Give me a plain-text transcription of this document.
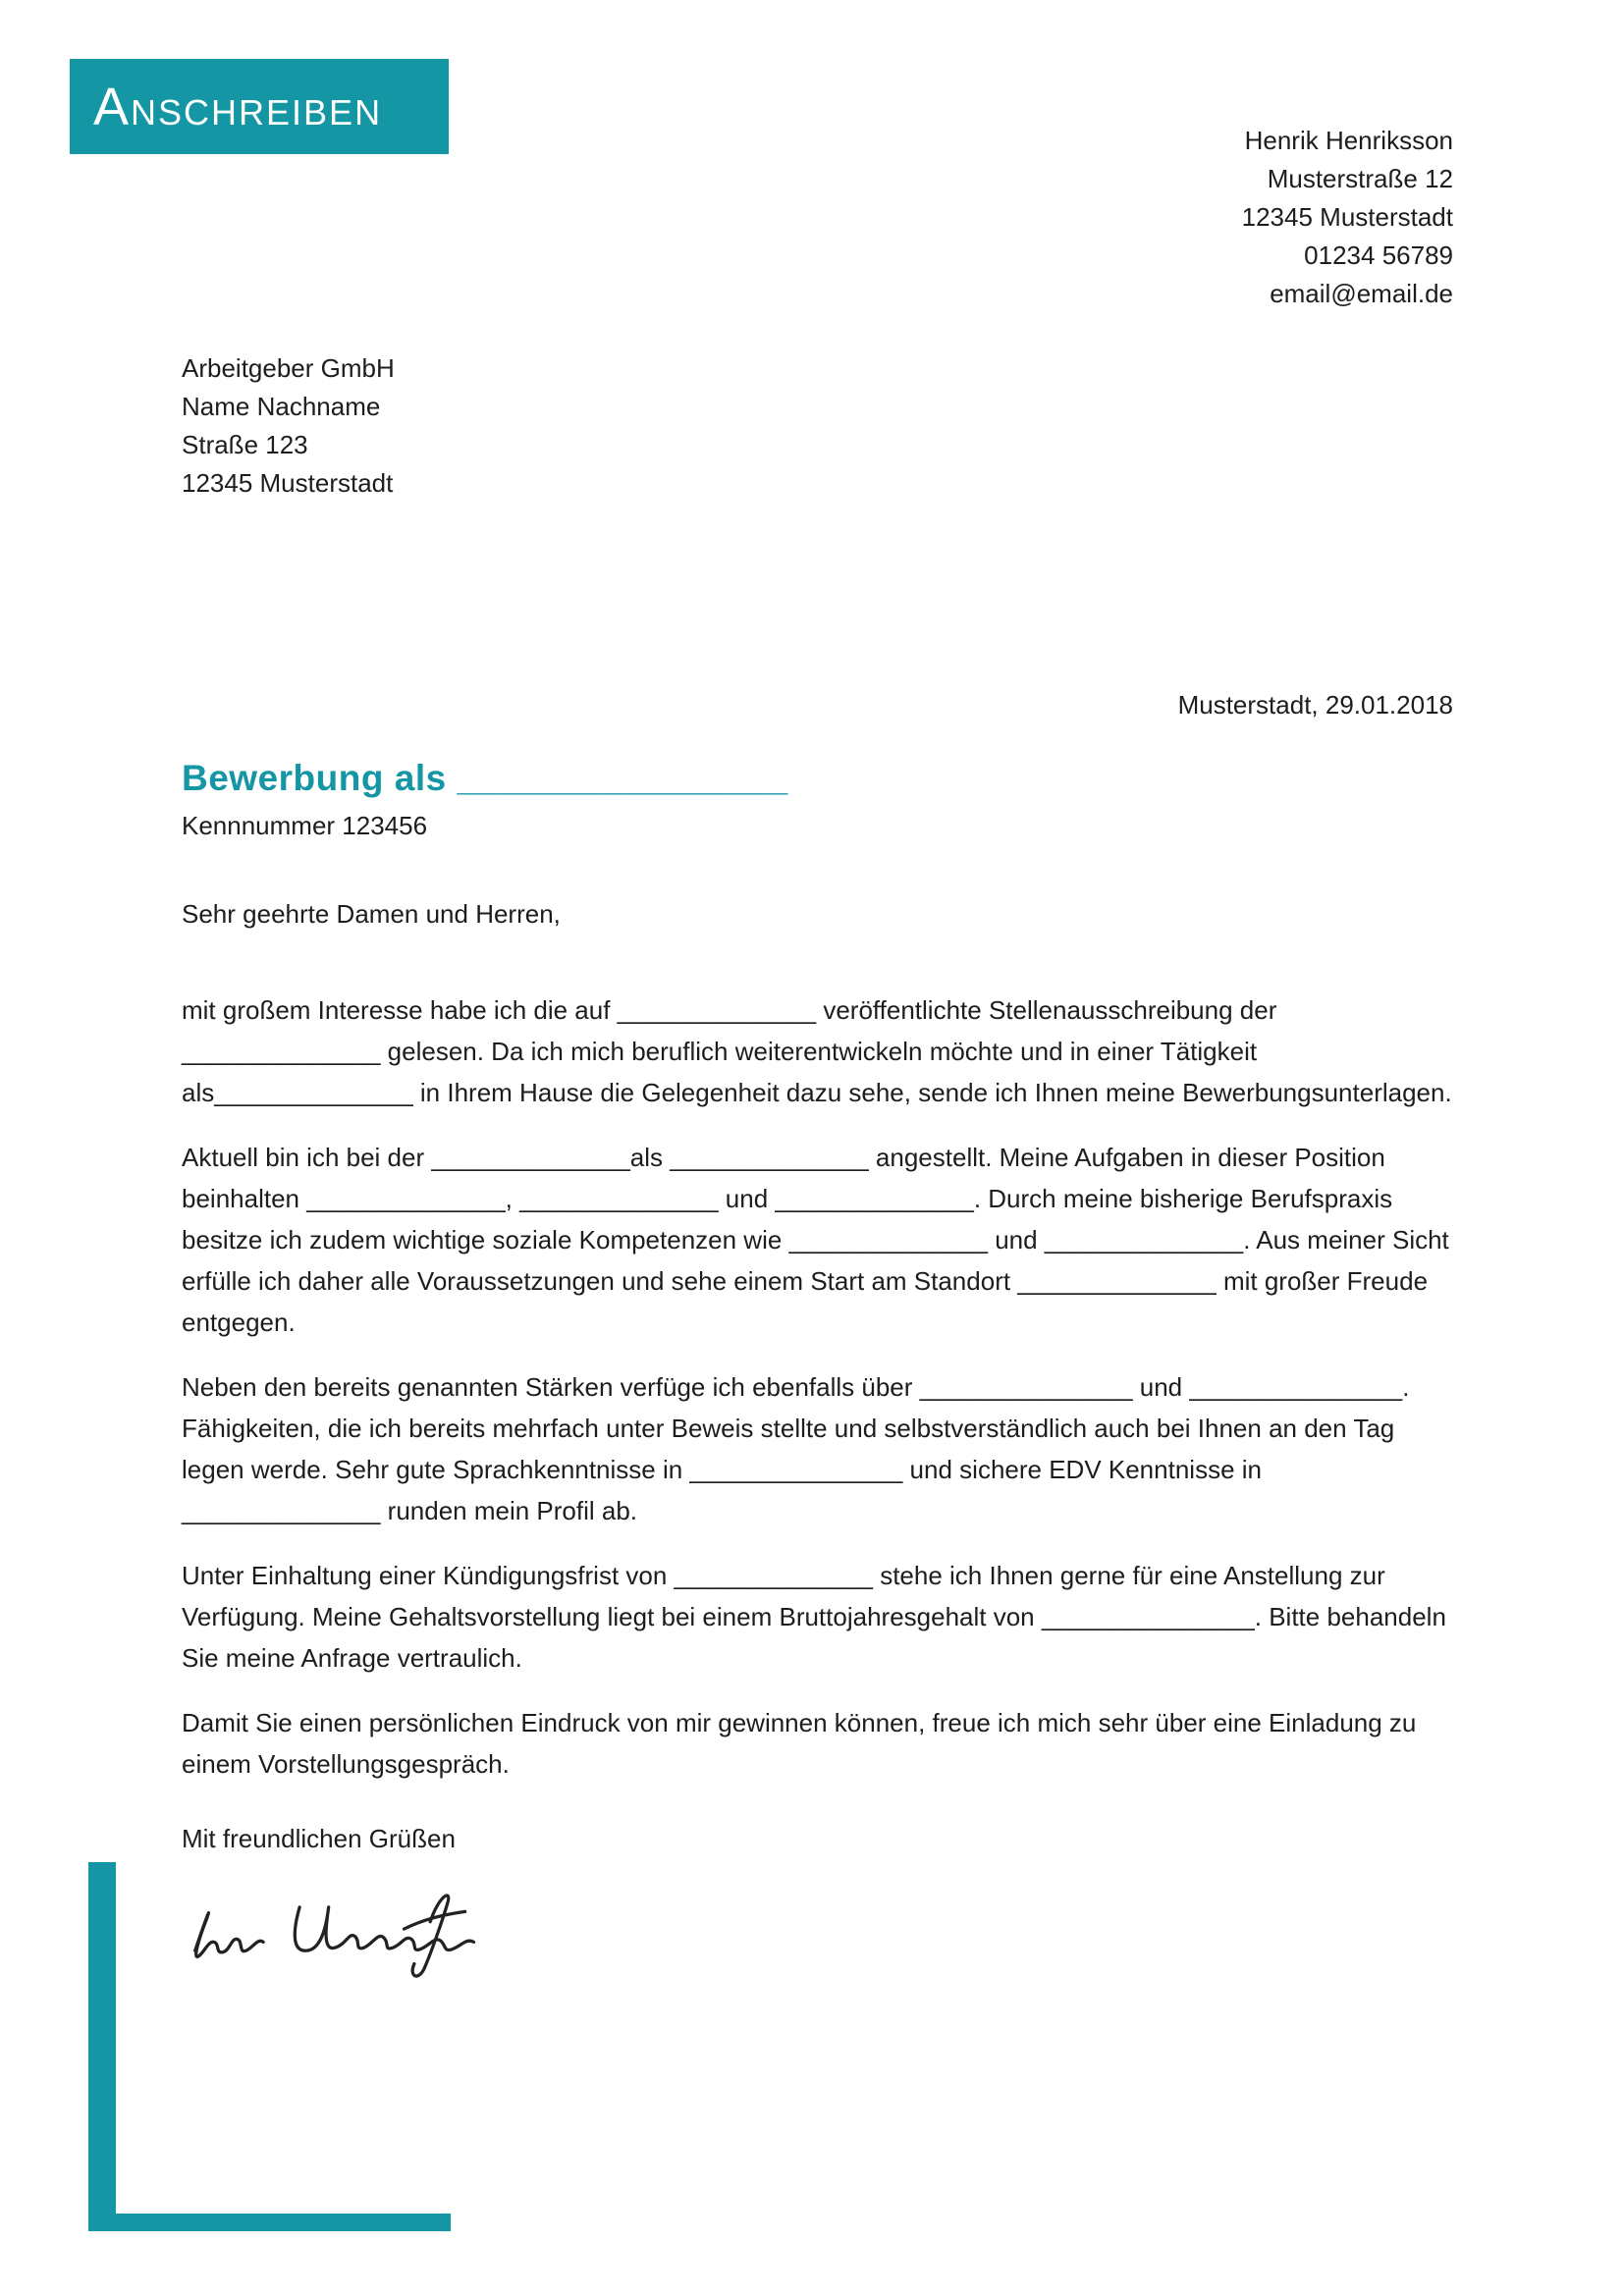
ANSCHREIBEN
Henrik Henriksson
Musterstraße 12
12345 Musterstadt
01234 56789
email@email.de
Arbeitgeber GmbH
Name Nachname
Straße 123
12345 Musterstadt
Musterstadt, 29.01.2018
Bewerbung als ________________
Kennnummer 123456
Sehr geehrte Damen und Herren,

mit großem Interesse habe ich die auf ______________ veröffentlichte Stellenausschreibung der ______________ gelesen. Da ich mich beruflich weiterentwickeln möchte und in einer Tätigkeit als______________ in Ihrem Hause die Gelegenheit dazu sehe, sende ich Ihnen meine Bewerbungsunterlagen.

Aktuell bin ich bei der ______________als ______________ angestellt. Meine Aufgaben in dieser Position beinhalten ______________, ______________ und ______________. Durch meine bisherige Berufspraxis besitze ich zudem wichtige soziale Kompetenzen wie ______________ und ______________. Aus meiner Sicht erfülle ich daher alle Voraussetzungen und sehe einem Start am Standort ______________ mit großer Freude entgegen.

Neben den bereits genannten Stärken verfüge ich ebenfalls über _______________ und _______________. Fähigkeiten, die ich bereits mehrfach unter Beweis stellte und selbstverständlich auch bei Ihnen an den Tag legen werde. Sehr gute Sprachkenntnisse in _______________ und sichere EDV Kenntnisse in ______________ runden mein Profil ab.

Unter Einhaltung einer Kündigungsfrist von ______________ stehe ich Ihnen gerne für eine Anstellung zur Verfügung. Meine Gehaltsvorstellung liegt bei einem Bruttojahresgehalt von _______________. Bitte behandeln Sie meine Anfrage vertraulich.

Damit Sie einen persönlichen Eindruck von mir gewinnen können, freue ich mich sehr über eine Einladung zu einem Vorstellungsgespräch.

Mit freundlichen Grüßen
